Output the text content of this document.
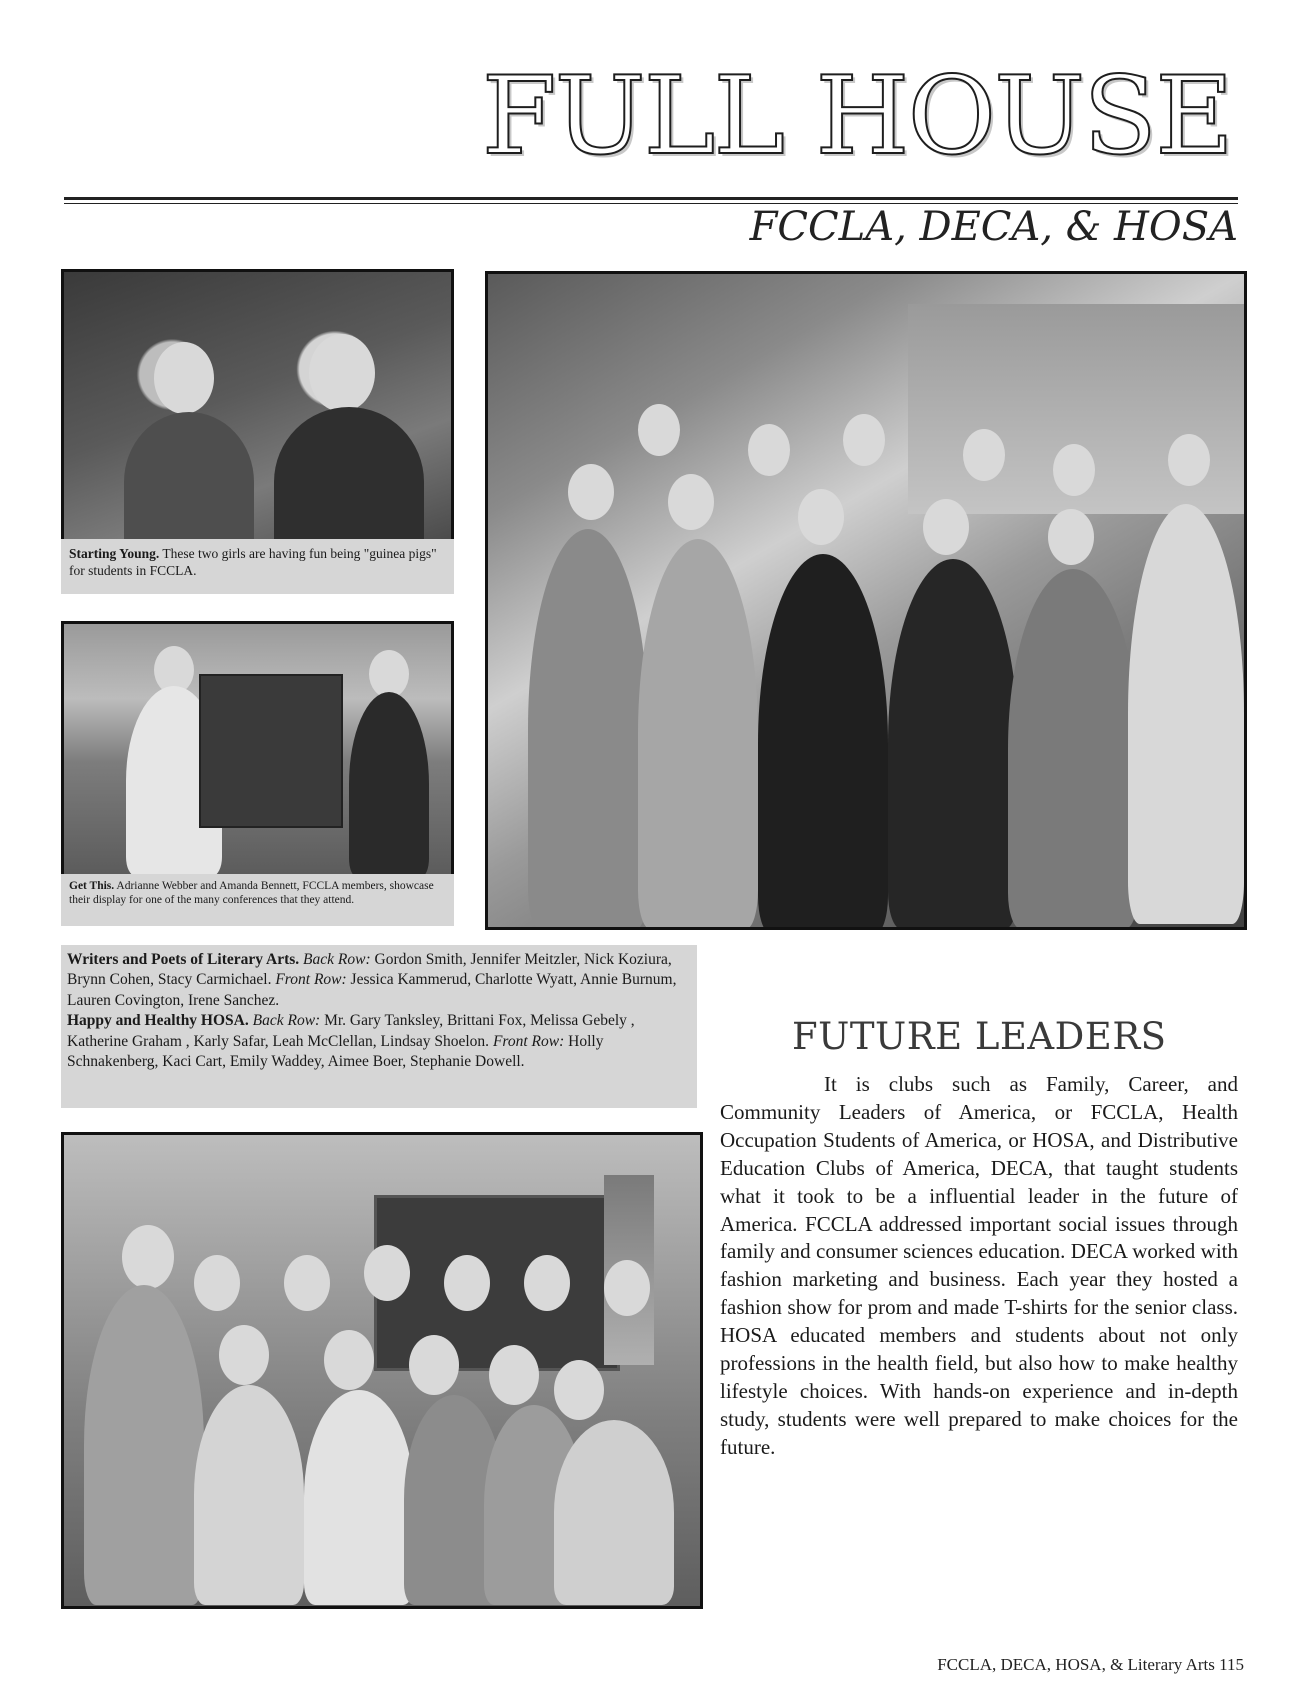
FULL HOUSE
FCCLA, DECA, & HOSA
Starting Young. These two girls are having fun being "guinea pigs" for students in FCCLA.
Get This. Adrianne Webber and Amanda Bennett, FCCLA members, showcase their display for one of the many conferences that they attend.
Writers and Poets of Literary Arts. Back Row: Gordon Smith, Jennifer Meitzler, Nick Koziura, Brynn Cohen, Stacy Carmichael. Front Row: Jessica Kammerud, Charlotte Wyatt, Annie Burnum, Lauren Covington, Irene Sanchez.
Happy and Healthy HOSA. Back Row: Mr. Gary Tanksley, Brittani Fox, Melissa Gebely , Katherine Graham , Karly Safar, Leah McClellan, Lindsay Shoelon. Front Row: Holly Schnakenberg, Kaci Cart, Emily Waddey, Aimee Boer, Stephanie Dowell.
FUTURE LEADERS

It is clubs such as Family, Career, and Community Leaders of America, or FCCLA, Health Occupation Students of America, or HOSA, and Distributive Education Clubs of America, DECA, that taught students what it took to be a influential leader in the future of America. FCCLA addressed important social issues through family and consumer sciences education. DECA worked with fashion marketing and business. Each year they hosted a fashion show for prom and made T-shirts for the senior class. HOSA educated members and students about not only professions in the health field, but also how to make healthy lifestyle choices. With hands-on experience and in-depth study, students were well prepared to make choices for the future.

FCCLA, DECA, HOSA, & Literary Arts 115
